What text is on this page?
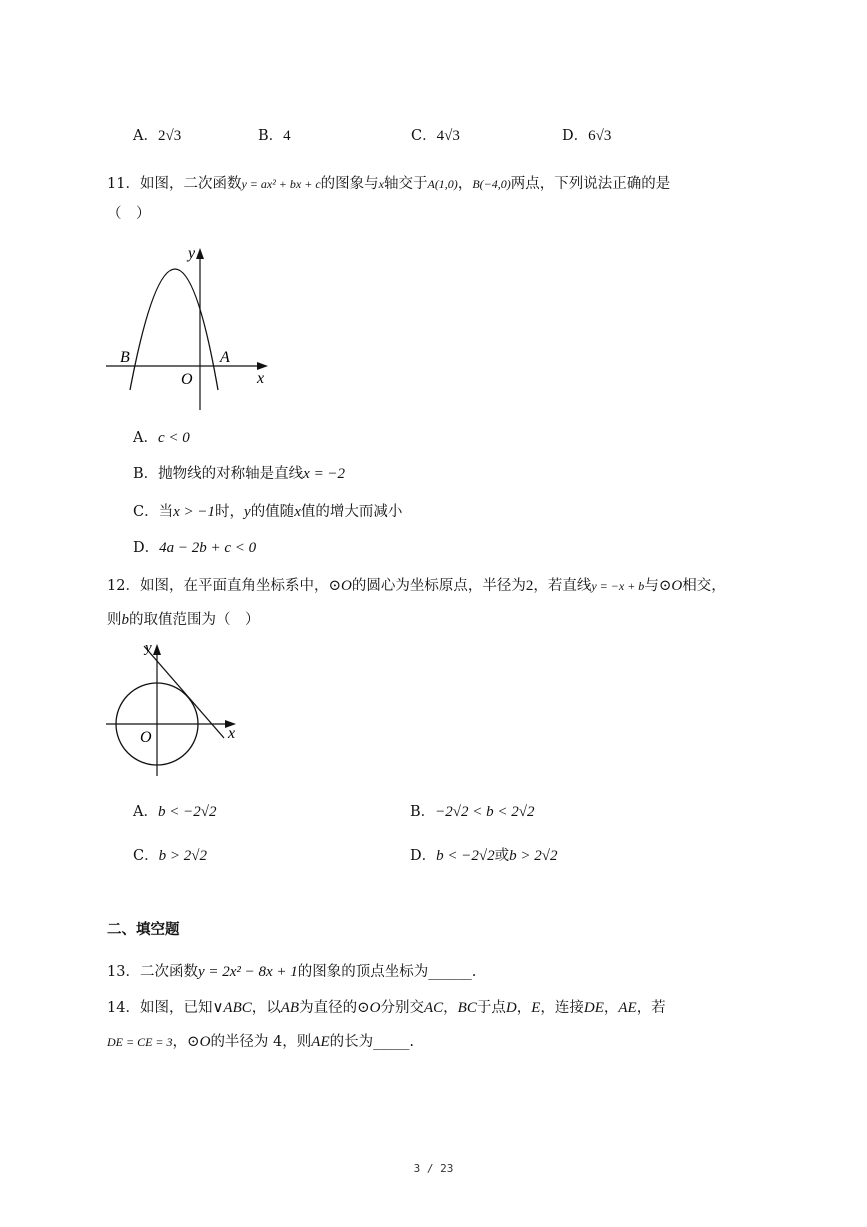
A．2√3	B．4	C．4√3	D．6√3
11．如图，二次函数y = ax² + bx + c的图象与x轴交于A(1,0)，B(−4,0)两点，下列说法正确的是
（　）
y
x
O
A
B
A．c < 0
B．抛物线的对称轴是直线x = −2
C．当x > −1时，y的值随x值的增大而减小
D．4a − 2b + c < 0
12．如图，在平面直角坐标系中，⊙O的圆心为坐标原点，半径为2，若直线y = −x + b与⊙O相交，
则b的取值范围为（　）
O	x
y
A．b < −2√2	B．−2√2 < b < 2√2
C．b > 2√2	D．b < −2√2或b > 2√2
二、填空题
13．二次函数y = 2x² − 8x + 1的图象的顶点坐标为______.
14．如图，已知∨ABC，以AB为直径的⊙O分别交AC，BC于点D，E，连接DE，AE，若
DE = CE = 3，⊙O的半径为 4，则AE的长为_____.
3 / 23
